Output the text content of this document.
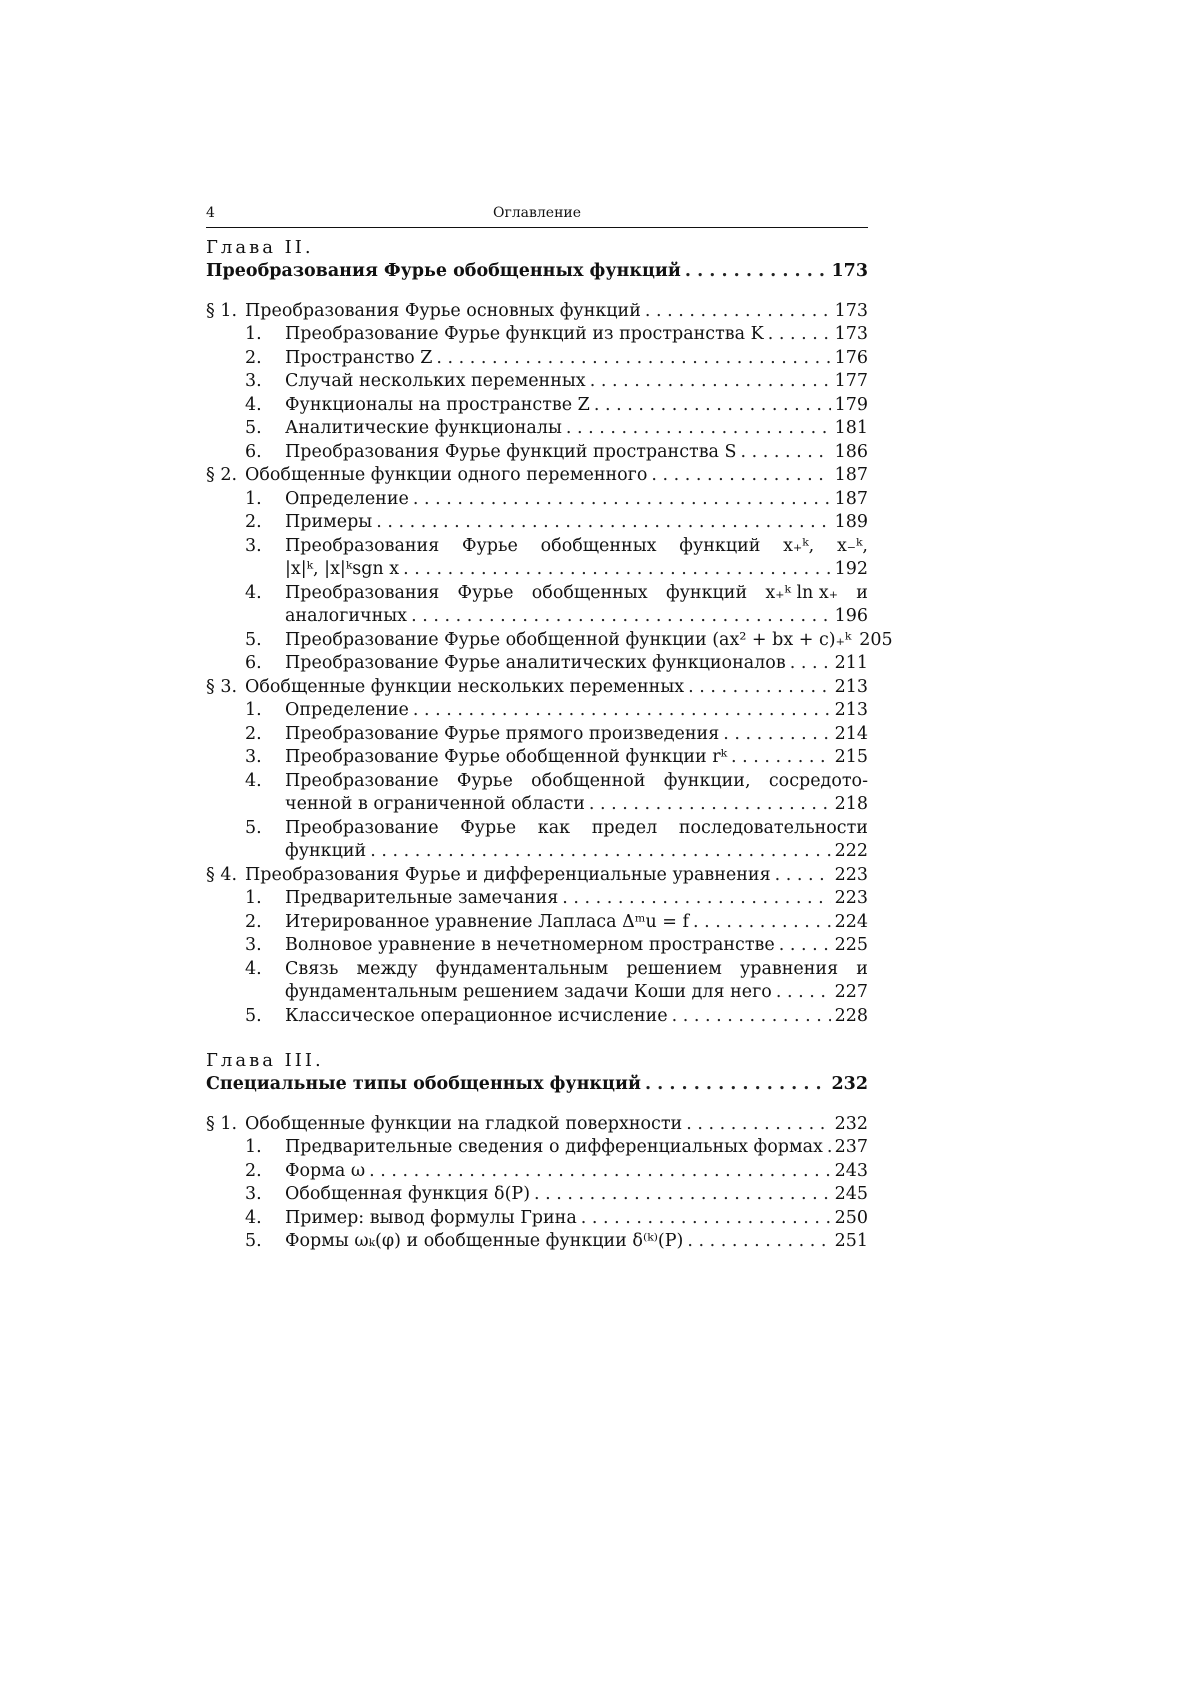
4	Оглавление
Глава II.
Преобразования Фурье обобщенных функций . . .	173
§ 1. Преобразования Фурье основных функций . . .	173
1. Преобразование Фурье функций из пространства K . . .	173
2. Пространство Z . . .	176
3. Случай нескольких переменных . . .	177
4. Функционалы на пространстве Z . . .	179
5. Аналитические функционалы . . .	181
6. Преобразования Фурье функций пространства S . . .	186
§ 2. Обобщенные функции одного переменного . . .	187
1. Определение . . .	187
2. Примеры . . .	189
3. Преобразования Фурье обобщенных функций x₊ᵏ, x₋ᵏ,
|x|ᵏ, |x|ᵏsgn x . . .	192
4. Преобразования Фурье обобщенных функций x₊ᵏ ln x₊ и
аналогичных . . .	196
5. Преобразование Фурье обобщенной функции (ax² + bx + c)₊ᵏ 205
6. Преобразование Фурье аналитических функционалов . . .	211
§ 3. Обобщенные функции нескольких переменных . . .	213
1. Определение . . .	213
2. Преобразование Фурье прямого произведения . . .	214
3. Преобразование Фурье обобщенной функции rᵏ . . .	215
4. Преобразование Фурье обобщенной функции, сосредото-
ченной в ограниченной области . . .	218
5. Преобразование Фурье как предел последовательности
функций . . .	222
§ 4. Преобразования Фурье и дифференциальные уравнения . . .	223
1. Предварительные замечания . . .	223
2. Итерированное уравнение Лапласа Δᵐu = f . . .	224
3. Волновое уравнение в нечетномерном пространстве . . .	225
4. Связь между фундаментальным решением уравнения и
фундаментальным решением задачи Коши для него . . .	227
5. Классическое операционное исчисление . . .	228
Глава III.
Специальные типы обобщенных функций . . .	232
§ 1. Обобщенные функции на гладкой поверхности . . .	232
1. Предварительные сведения о дифференциальных формах . . . 237
2. Форма ω . . .	243
3. Обобщенная функция δ(P) . . .	245
4. Пример: вывод формулы Грина . . .	250
5. Формы ωₖ(φ) и обобщенные функции δ⁽ᵏ⁾(P) . . .	251
